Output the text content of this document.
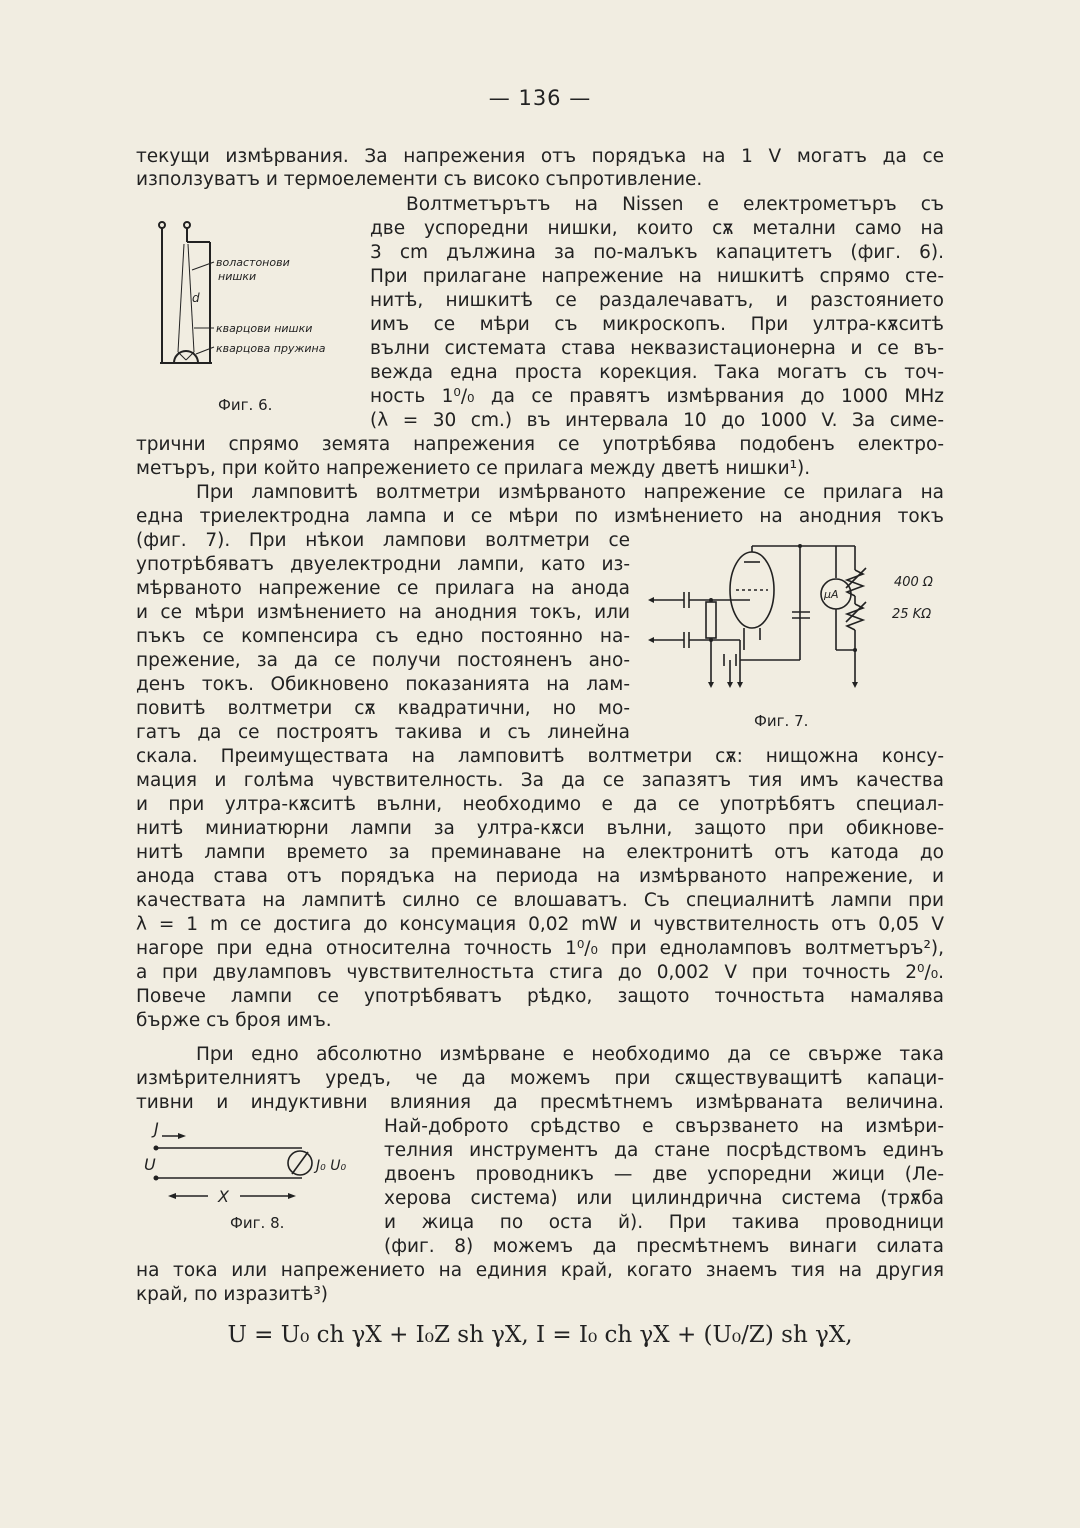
— 136 —
текущи измѣрвания. За напрежения отъ порядъка на 1 V могатъ да се
използуватъ и термоелементи съ високо съпротивление.
Волтметърътъ на Nissen е електрометъръ съ
две успоредни нишки, които сѫ метални само на
3 cm дължина за по-малъкъ капацитетъ (фиг. 6).
При прилагане напрежение на нишкитѣ спрямо сте-
нитѣ, нишкитѣ се раздалечаватъ, и разстоянието
имъ се мѣри съ микроскопъ. При ултра-кѫситѣ
вълни системата става неквазистационерна и се въ-
вежда една проста корекция. Така могатъ съ точ-
ность 1⁰/₀ да се правятъ измѣрвания до 1000 MHz
(λ = 30 cm.) въ интервала 10 до 1000 V. За симе-
трични спрямо земята напрежения се употрѣбява подобенъ електро-
метъръ, при който напрежението се прилага между двeтѣ нишки¹).
волaстонови
нишки
кварцови нишки
кварцова пружина
d
Фиг. 6.
При ламповитѣ волтметри измѣрваното напрежение се прилага на
една триелектродна лампа и се мѣри по измѣнението на анодния токъ
(фиг. 7). При нѣкои лампови волтметри се
употрѣбяватъ двуелектродни лампи, като из-
мѣрваното напрежение се прилага на анода
и се мѣри измѣнението на анодния токъ, или
пъкъ се компенсира съ едно постоянно на-
прежение, за да се получи постояненъ ано-
денъ токъ. Обикновено показанията на лам-
повитѣ волтметри сѫ квадратични, но мо-
гатъ да се построятъ такива и съ линейна
μA
400 Ω
25 KΩ
Фиг. 7.
скала. Преимуществата на ламповитѣ волтметри сѫ: нищожна консу-
мация и голѣма чувствителность. За да се запазятъ тия имъ качества
и при ултра-кѫситѣ вълни, необходимо е да се употрѣбятъ специал-
нитѣ миниатюрни лампи за ултра-кѫси вълни, защото при обикнове-
нитѣ лампи времето за преминаване на електронитѣ отъ катода до
анода става отъ порядъка на периода на измѣрваното напрежение, и
качествата на лампитѣ силно се влошаватъ. Съ специалнитѣ лампи при
λ = 1 m се достига до консумация 0,02 mW и чувствителность отъ 0,05 V
нагоре при една относителна точность 1⁰/₀ при едноламповъ волтметъръ²),
а при двуламповъ чувствителностьта стига до 0,002 V при точность 2⁰/₀.
Повече лампи се употрѣбяватъ рѣдко, защото точностьта намалява
бърже съ броя имъ.
При едно абсолютно измѣрване е необходимо да се свърже така
измѣрителниятъ уредъ, че да можемъ при сѫществуващитѣ капаци-
тивни и индуктивни влияния да пресмѣтнемъ измѣрваната величина.
Най-доброто срѣдство е свързването на измѣри-
телния инструментъ да стане посрѣдствомъ единъ
двоенъ проводникъ — две успоредни жици (Ле-
херова система) или цилиндрична система (трѫба
и жица по оста й). При такива проводници
(фиг. 8) можемъ да пресмѣтнемъ винаги силата
на тока или напрежението на единия край, когато знаемъ тия на другия
край, по изразитѣ³)
J
U	J₀ U₀
X
Фиг. 8.
U = U₀ ch γX + I₀Z sh γX, I = I₀ ch γX + (U₀/Z) sh γX,
